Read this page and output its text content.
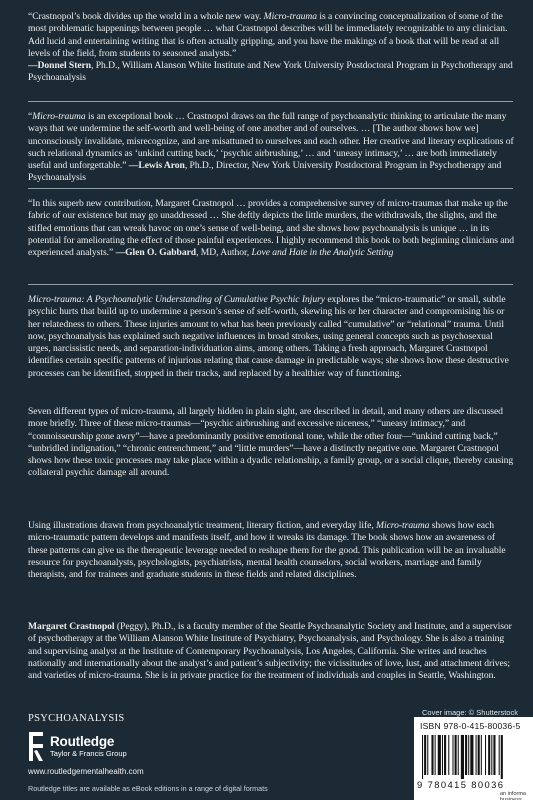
“Crastnopol’s book divides up the world in a whole new way. Micro-trauma is a convincing conceptualization of some of the most problematic happenings between people … what Crastnopol describes will be immediately recognizable to any clinician. Add lucid and entertaining writing that is often actually gripping, and you have the makings of a book that will be read at all levels of the field, from students to seasoned analysts.”
—Donnel Stern, Ph.D., William Alanson White Institute and New York University Postdoctoral Program in Psychotherapy and Psychoanalysis

“Micro-trauma is an exceptional book … Crastnopol draws on the full range of psychoanalytic thinking to articulate the many ways that we undermine the self-worth and well-being of one another and of ourselves. … [The author shows how we] unconsciously invalidate, misrecognize, and are misattuned to ourselves and each other. Her creative and literary explications of such relational dynamics as ‘unkind cutting back,’ ‘psychic airbrushing,’ … and ‘uneasy intimacy,’ … are both immediately useful and unforgettable.” —Lewis Aron, Ph.D., Director, New York University Postdoctoral Program in Psychotherapy and Psychoanalysis

“In this superb new contribution, Margaret Crastnopol … provides a comprehensive survey of micro-traumas that make up the fabric of our existence but may go unaddressed … She deftly depicts the little murders, the withdrawals, the slights, and the stifled emotions that can wreak havoc on one’s sense of well-being, and she shows how psychoanalysis is unique … in its potential for ameliorating the effect of those painful experiences. I highly recommend this book to both beginning clinicians and experienced analysts.” —Glen O. Gabbard, MD, Author, Love and Hate in the Analytic Setting

Micro-trauma: A Psychoanalytic Understanding of Cumulative Psychic Injury explores the “micro-traumatic” or small, subtle psychic hurts that build up to undermine a person’s sense of self-worth, skewing his or her character and compromising his or her relatedness to others. These injuries amount to what has been previously called “cumulative” or “relational” trauma. Until now, psychoanalysis has explained such negative influences in broad strokes, using general concepts such as psychosexual urges, narcissistic needs, and separation-individuation aims, among others. Taking a fresh approach, Margaret Crastnopol identifies certain specific patterns of injurious relating that cause damage in predictable ways; she shows how these destructive processes can be identified, stopped in their tracks, and replaced by a healthier way of functioning.

Seven different types of micro-trauma, all largely hidden in plain sight, are described in detail, and many others are discussed more briefly. Three of these micro-traumas—“psychic airbrushing and excessive niceness,” “uneasy intimacy,” and “connoisseurship gone awry”—have a predominantly positive emotional tone, while the other four—“unkind cutting back,” “unbridled indignation,” “chronic entrenchment,” and “little murders”—have a distinctly negative one. Margaret Crastnopol shows how these toxic processes may take place within a dyadic relationship, a family group, or a social clique, thereby causing collateral psychic damage all around.

Using illustrations drawn from psychoanalytic treatment, literary fiction, and everyday life, Micro-trauma shows how each micro-traumatic pattern develops and manifests itself, and how it wreaks its damage. The book shows how an awareness of these patterns can give us the therapeutic leverage needed to reshape them for the good. This publication will be an invaluable resource for psychoanalysts, psychologists, psychiatrists, mental health counselors, social workers, marriage and family therapists, and for trainees and graduate students in these fields and related disciplines.

Margaret Crastnopol (Peggy), Ph.D., is a faculty member of the Seattle Psychoanalytic Society and Institute, and a supervisor of psychotherapy at the William Alanson White Institute of Psychiatry, Psychoanalysis, and Psychology. She is also a training and supervising analyst at the Institute of Contemporary Psychoanalysis, Los Angeles, California. She writes and teaches nationally and internationally about the analyst’s and patient’s subjectivity; the vicissitudes of love, lust, and attachment drives; and varieties of micro-trauma. She is in private practice for the treatment of individuals and couples in Seattle, Washington.

PSYCHOANALYSIS
Cover image: © Shutterstock
Routledge
Taylor & Francis Group
www.routledgementalhealth.com
Routledge titles are available as eBook editions in a range of digital formats
ISBN 978-0-415-80036-5
9 780415 80036
an informa business
